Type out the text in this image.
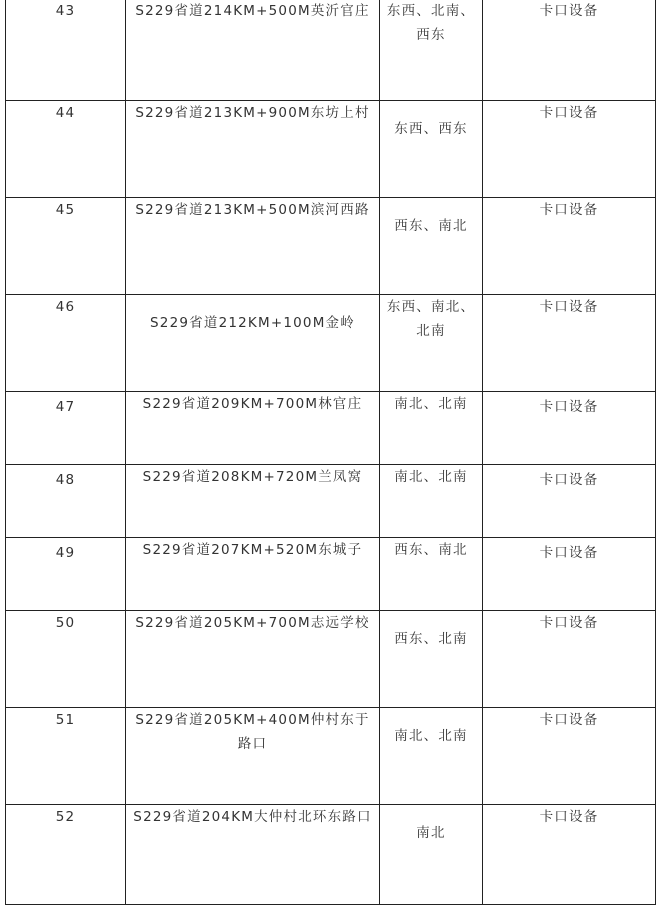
43	S229省道214KM+500M英沂官庄	东西、北南、西东	卡口设备
44	S229省道213KM+900M东坊上村	东西、西东	卡口设备
45	S229省道213KM+500M滨河西路	西东、南北	卡口设备
46	S229省道212KM+100M金岭	东西、南北、北南	卡口设备
47	S229省道209KM+700M林官庄	南北、北南	卡口设备
48	S229省道208KM+720M兰凤窝	南北、北南	卡口设备
49	S229省道207KM+520M东城子	西东、南北	卡口设备
50	S229省道205KM+700M志远学校	西东、北南	卡口设备
51	S229省道205KM+400M仲村东于路口	南北、北南	卡口设备
52	S229省道204KM大仲村北环东路口	南北	卡口设备
